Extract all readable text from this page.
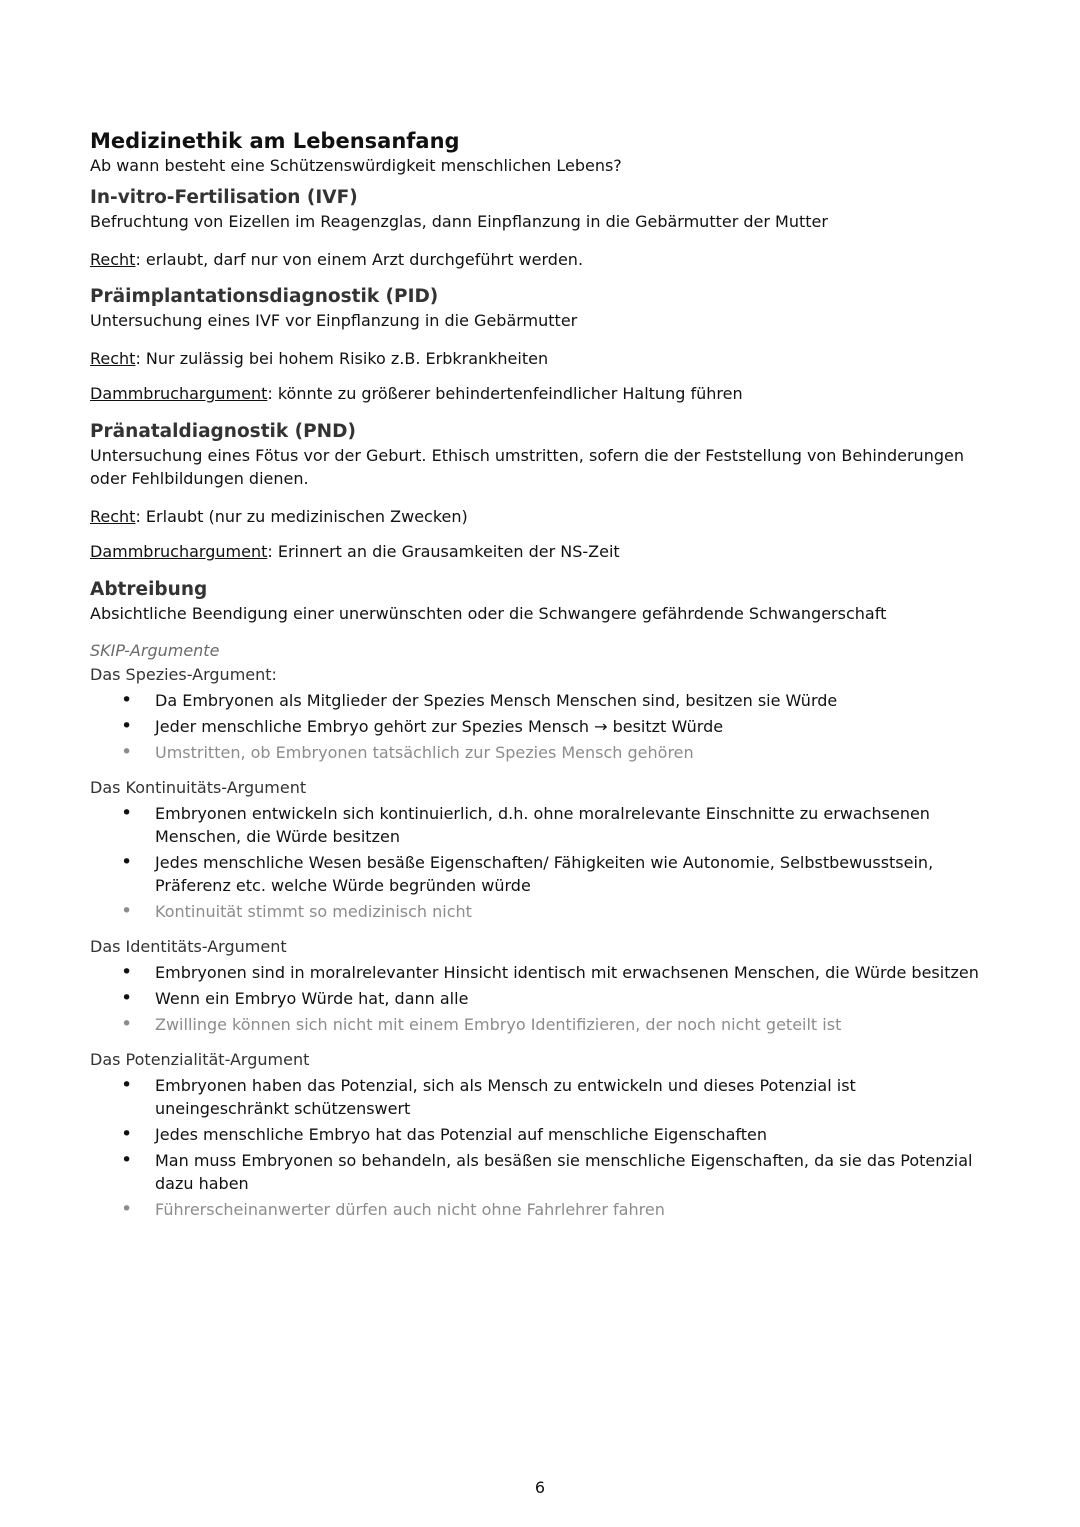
Medizinethik am Lebensanfang

Ab wann besteht eine Schützenswürdigkeit menschlichen Lebens?

In-vitro-Fertilisation (IVF)

Befruchtung von Eizellen im Reagenzglas, dann Einpflanzung in die Gebärmutter der Mutter

Recht: erlaubt, darf nur von einem Arzt durchgeführt werden.

Präimplantationsdiagnostik (PID)

Untersuchung eines IVF vor Einpflanzung in die Gebärmutter

Recht: Nur zulässig bei hohem Risiko z.B. Erbkrankheiten

Dammbruchargument: könnte zu größerer behindertenfeindlicher Haltung führen

Pränataldiagnostik (PND)

Untersuchung eines Fötus vor der Geburt. Ethisch umstritten, sofern die der Feststellung von Behinderungen oder Fehlbildungen dienen.

Recht: Erlaubt (nur zu medizinischen Zwecken)

Dammbruchargument: Erinnert an die Grausamkeiten der NS-Zeit

Abtreibung

Absichtliche Beendigung einer unerwünschten oder die Schwangere gefährdende Schwangerschaft

SKIP-Argumente

Das Spezies-Argument:

• Da Embryonen als Mitglieder der Spezies Mensch Menschen sind, besitzen sie Würde
• Jeder menschliche Embryo gehört zur Spezies Mensch → besitzt Würde
• Umstritten, ob Embryonen tatsächlich zur Spezies Mensch gehören

Das Kontinuitäts-Argument

• Embryonen entwickeln sich kontinuierlich, d.h. ohne moralrelevante Einschnitte zu erwachsenen Menschen, die Würde besitzen
• Jedes menschliche Wesen besäße Eigenschaften/ Fähigkeiten wie Autonomie, Selbstbewusstsein, Präferenz etc. welche Würde begründen würde
• Kontinuität stimmt so medizinisch nicht

Das Identitäts-Argument

• Embryonen sind in moralrelevanter Hinsicht identisch mit erwachsenen Menschen, die Würde besitzen
• Wenn ein Embryo Würde hat, dann alle
• Zwillinge können sich nicht mit einem Embryo Identifizieren, der noch nicht geteilt ist

Das Potenzialität-Argument

• Embryonen haben das Potenzial, sich als Mensch zu entwickeln und dieses Potenzial ist uneingeschränkt schützenswert
• Jedes menschliche Embryo hat das Potenzial auf menschliche Eigenschaften
• Man muss Embryonen so behandeln, als besäßen sie menschliche Eigenschaften, da sie das Potenzial dazu haben
• Führerscheinanwerter dürfen auch nicht ohne Fahrlehrer fahren
6
